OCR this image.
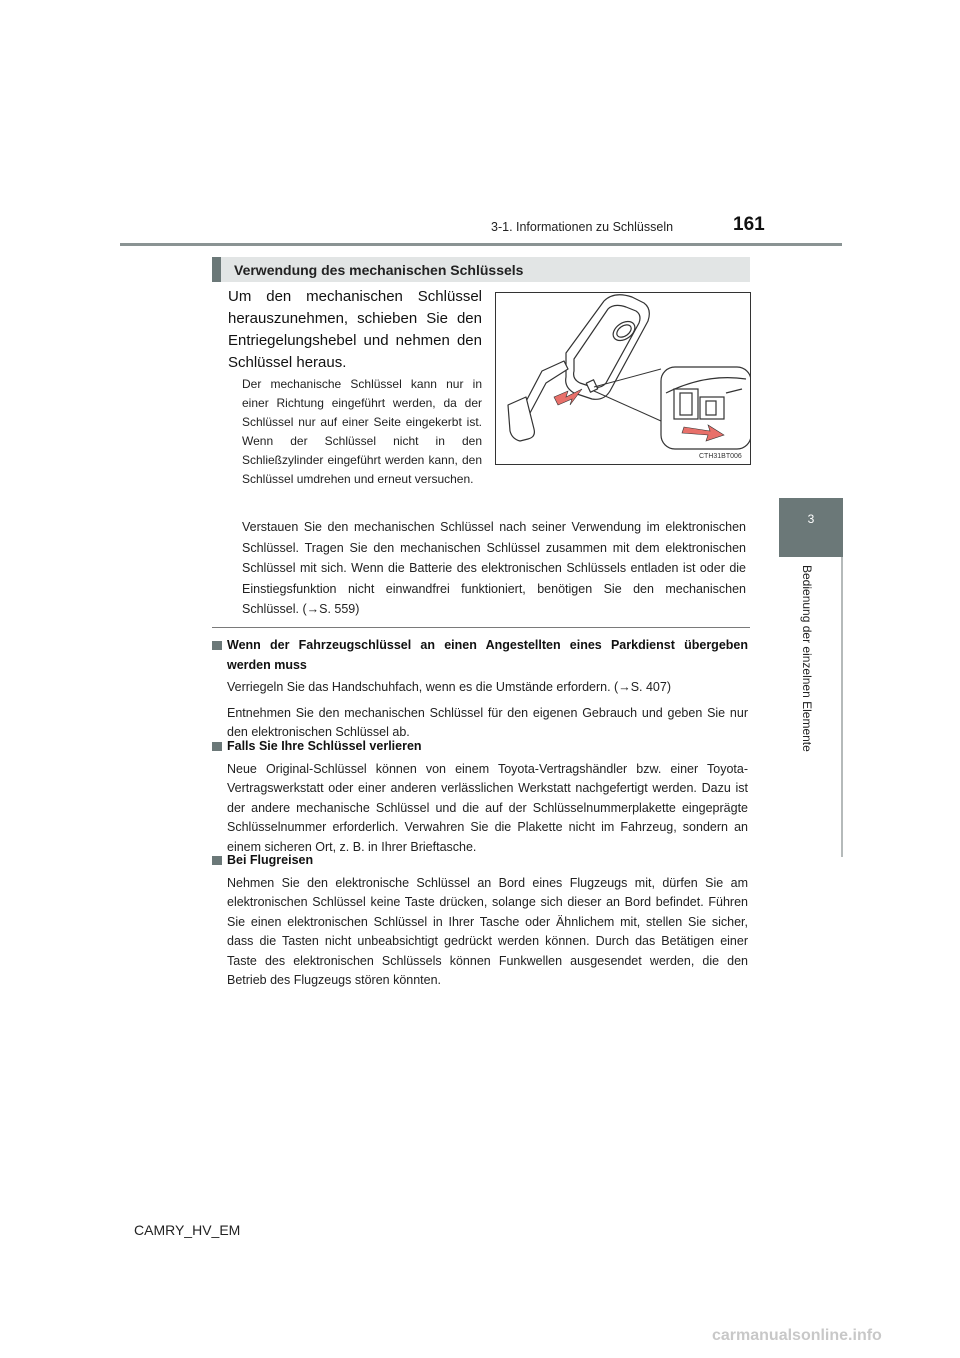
3-1. Informationen zu Schlüsseln	161
3
Bedienung der einzelnen Elemente
Verwendung des mechanischen Schlüssels
Um den mechanischen Schlüssel herauszunehmen, schieben Sie den Entriegelungshebel und nehmen den Schlüssel heraus.
Der mechanische Schlüssel kann nur in einer Richtung eingeführt werden, da der Schlüssel nur auf einer Seite eingekerbt ist. Wenn der Schlüssel nicht in den Schließzylinder eingeführt werden kann, den Schlüssel umdrehen und erneut versuchen.
Verstauen Sie den mechanischen Schlüssel nach seiner Verwendung im elektronischen Schlüssel. Tragen Sie den mechanischen Schlüssel zusammen mit dem elektronischen Schlüssel mit sich. Wenn die Batterie des elektronischen Schlüssels entladen ist oder die Einstiegsfunktion nicht einwandfrei funktioniert, benötigen Sie den mechanischen Schlüssel. (→S. 559)
CTH31BT006
Wenn der Fahrzeugschlüssel an einen Angestellten eines Parkdienst übergeben werden muss

Verriegeln Sie das Handschuhfach, wenn es die Umstände erfordern. (→S. 407)

Entnehmen Sie den mechanischen Schlüssel für den eigenen Gebrauch und geben Sie nur den elektronischen Schlüssel ab.

Falls Sie Ihre Schlüssel verlieren

Neue Original-Schlüssel können von einem Toyota-Vertragshändler bzw. einer Toyota-Vertragswerkstatt oder einer anderen verlässlichen Werkstatt nachgefertigt werden. Dazu ist der andere mechanische Schlüssel und die auf der Schlüsselnummerplakette eingeprägte Schlüsselnummer erforderlich. Verwahren Sie die Plakette nicht im Fahrzeug, sondern an einem sicheren Ort, z. B. in Ihrer Brieftasche.

Bei Flugreisen

Nehmen Sie den elektronische Schlüssel an Bord eines Flugzeugs mit, dürfen Sie am elektronischen Schlüssel keine Taste drücken, solange sich dieser an Bord befindet. Führen Sie einen elektronischen Schlüssel in Ihrer Tasche oder Ähnlichem mit, stellen Sie sicher, dass die Tasten nicht unbeabsichtigt gedrückt werden können. Durch das Betätigen einer Taste des elektronischen Schlüssels können Funkwellen ausgesendet werden, die den Betrieb des Flugzeugs stören könnten.

CAMRY_HV_EM
carmanualsonline.info
